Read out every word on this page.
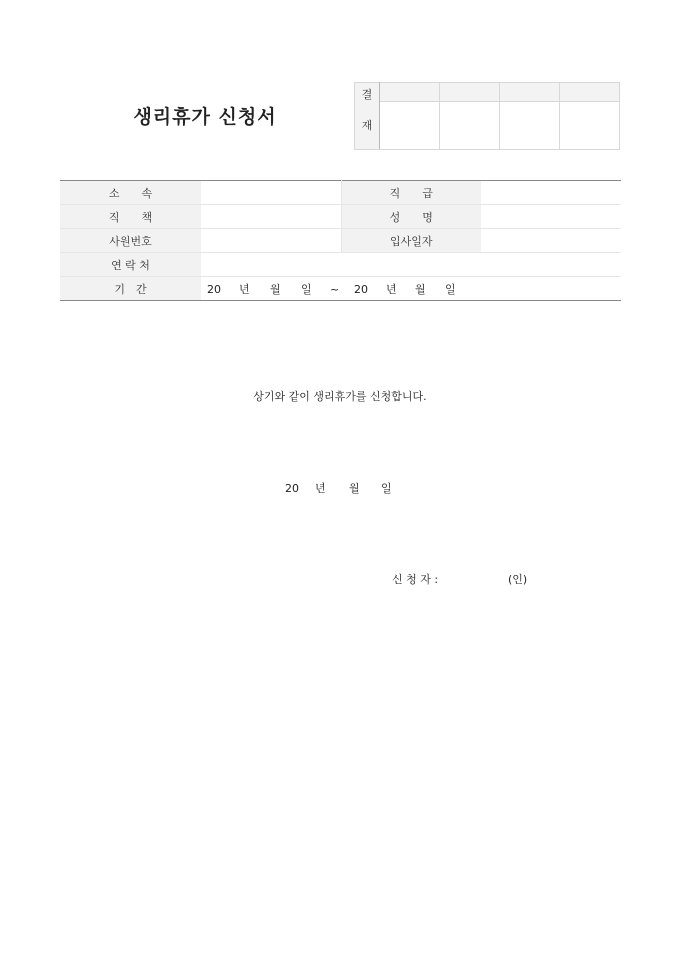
생리휴가 신청서
결				
재				
소　　속		직　　급	
직　　책		성　　명	
사원번호		입사일자	
연 락 처			
기　간	20 년 월 일 ~ 20 년 월 일		
상기와 같이 생리휴가를 신청합니다.
20 년 월 일
신 청 자 :	(인)
